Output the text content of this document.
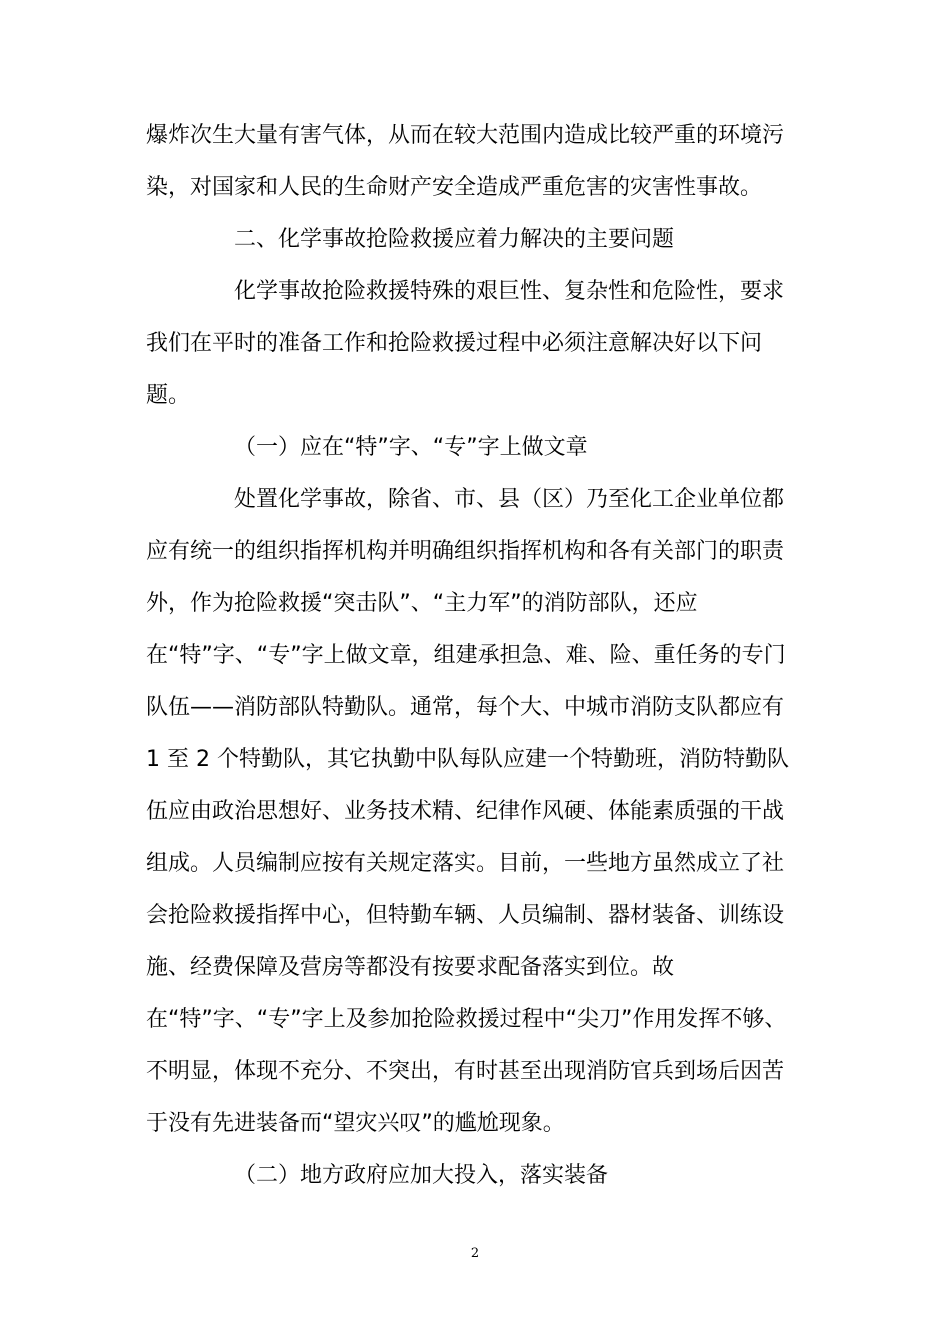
爆炸次生大量有害气体，从而在较大范围内造成比较严重的环境污
染，对国家和人民的生命财产安全造成严重危害的灾害性事故。
二、化学事故抢险救援应着力解决的主要问题
化学事故抢险救援特殊的艰巨性、复杂性和危险性，要求
我们在平时的准备工作和抢险救援过程中必须注意解决好以下问
题。
（一）应在“特”字、“专”字上做文章
处置化学事故，除省、市、县（区）乃至化工企业单位都
应有统一的组织指挥机构并明确组织指挥机构和各有关部门的职责
外，作为抢险救援“突击队”、“主力军”的消防部队，还应
在“特”字、“专”字上做文章，组建承担急、难、险、重任务的专门
队伍——消防部队特勤队。通常，每个大、中城市消防支队都应有
1 至 2 个特勤队，其它执勤中队每队应建一个特勤班，消防特勤队
伍应由政治思想好、业务技术精、纪律作风硬、体能素质强的干战
组成。人员编制应按有关规定落实。目前，一些地方虽然成立了社
会抢险救援指挥中心，但特勤车辆、人员编制、器材装备、训练设
施、经费保障及营房等都没有按要求配备落实到位。故
在“特”字、“专”字上及参加抢险救援过程中“尖刀”作用发挥不够、
不明显，体现不充分、不突出，有时甚至出现消防官兵到场后因苦
于没有先进装备而“望灾兴叹”的尴尬现象。
（二）地方政府应加大投入，落实装备
2
